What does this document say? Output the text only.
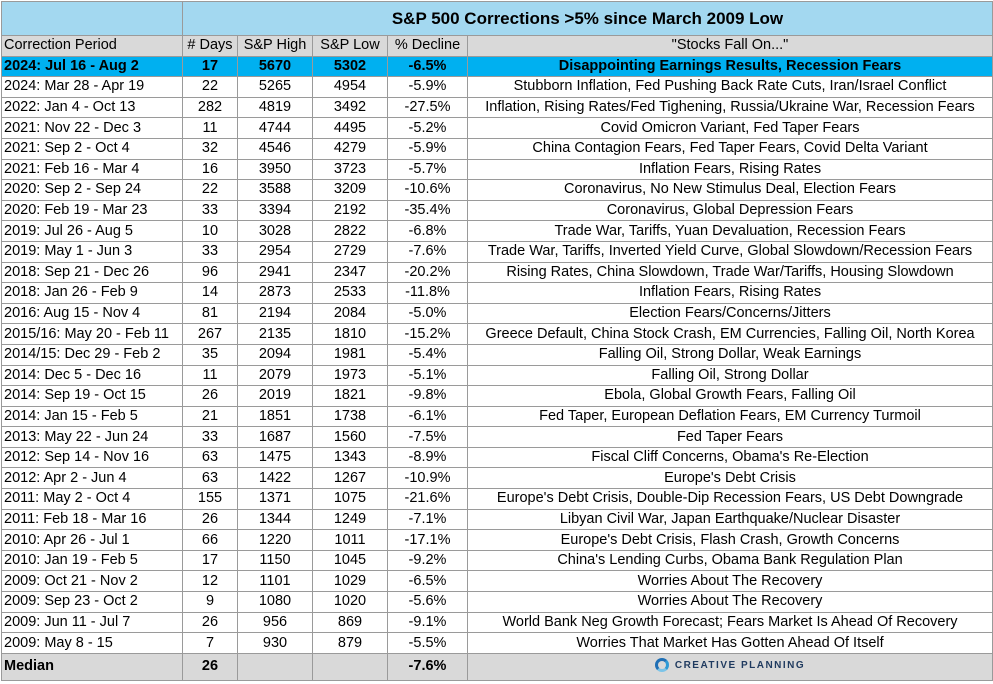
	S&P 500 Corrections >5% since March 2009 Low				
Correction Period	# Days	S&P High	S&P Low	% Decline	"Stocks Fall On..."
2024: Jul 16 - Aug 2	17	5670	5302	-6.5%	Disappointing Earnings Results, Recession Fears
2024: Mar 28 - Apr 19	22	5265	4954	-5.9%	Stubborn Inflation, Fed Pushing Back Rate Cuts, Iran/Israel Conflict
2022: Jan 4 - Oct 13	282	4819	3492	-27.5%	Inflation, Rising Rates/Fed Tighening, Russia/Ukraine War, Recession Fears
2021: Nov 22 - Dec 3	11	4744	4495	-5.2%	Covid Omicron Variant, Fed Taper Fears
2021: Sep 2 - Oct 4	32	4546	4279	-5.9%	China Contagion Fears, Fed Taper Fears, Covid Delta Variant
2021: Feb 16 - Mar 4	16	3950	3723	-5.7%	Inflation Fears, Rising Rates
2020: Sep 2 - Sep 24	22	3588	3209	-10.6%	Coronavirus, No New Stimulus Deal, Election Fears
2020: Feb 19 - Mar 23	33	3394	2192	-35.4%	Coronavirus, Global Depression Fears
2019: Jul 26 - Aug 5	10	3028	2822	-6.8%	Trade War, Tariffs, Yuan Devaluation, Recession Fears
2019: May 1 - Jun 3	33	2954	2729	-7.6%	Trade War, Tariffs, Inverted Yield Curve, Global Slowdown/Recession Fears
2018: Sep 21 - Dec 26	96	2941	2347	-20.2%	Rising Rates, China Slowdown, Trade War/Tariffs, Housing Slowdown
2018: Jan 26 - Feb 9	14	2873	2533	-11.8%	Inflation Fears, Rising Rates
2016: Aug 15 - Nov 4	81	2194	2084	-5.0%	Election Fears/Concerns/Jitters
2015/16: May 20 - Feb 11	267	2135	1810	-15.2%	Greece Default, China Stock Crash, EM Currencies, Falling Oil, North Korea
2014/15: Dec 29 - Feb 2	35	2094	1981	-5.4%	Falling Oil, Strong Dollar, Weak Earnings
2014: Dec 5 - Dec 16	11	2079	1973	-5.1%	Falling Oil, Strong Dollar
2014: Sep 19 - Oct 15	26	2019	1821	-9.8%	Ebola, Global Growth Fears, Falling Oil
2014: Jan 15 - Feb 5	21	1851	1738	-6.1%	Fed Taper, European Deflation Fears, EM Currency Turmoil
2013: May 22 - Jun 24	33	1687	1560	-7.5%	Fed Taper Fears
2012: Sep 14 - Nov 16	63	1475	1343	-8.9%	Fiscal Cliff Concerns, Obama's Re-Election
2012: Apr 2 - Jun 4	63	1422	1267	-10.9%	Europe's Debt Crisis
2011: May 2 - Oct 4	155	1371	1075	-21.6%	Europe's Debt Crisis, Double-Dip Recession Fears, US Debt Downgrade
2011: Feb 18 - Mar 16	26	1344	1249	-7.1%	Libyan Civil War, Japan Earthquake/Nuclear Disaster
2010: Apr 26 - Jul 1	66	1220	1011	-17.1%	Europe's Debt Crisis, Flash Crash, Growth Concerns
2010: Jan 19 - Feb 5	17	1150	1045	-9.2%	China's Lending Curbs, Obama Bank Regulation Plan
2009: Oct 21 - Nov 2	12	1101	1029	-6.5%	Worries About The Recovery
2009: Sep 23 - Oct 2	9	1080	1020	-5.6%	Worries About The Recovery
2009: Jun 11 - Jul 7	26	956	869	-9.1%	World Bank Neg Growth Forecast; Fears Market Is Ahead Of Recovery
2009: May 8 - 15	7	930	879	-5.5%	Worries That Market Has Gotten Ahead Of Itself
Median	26			-7.6%	CREATIVE PLANNING
